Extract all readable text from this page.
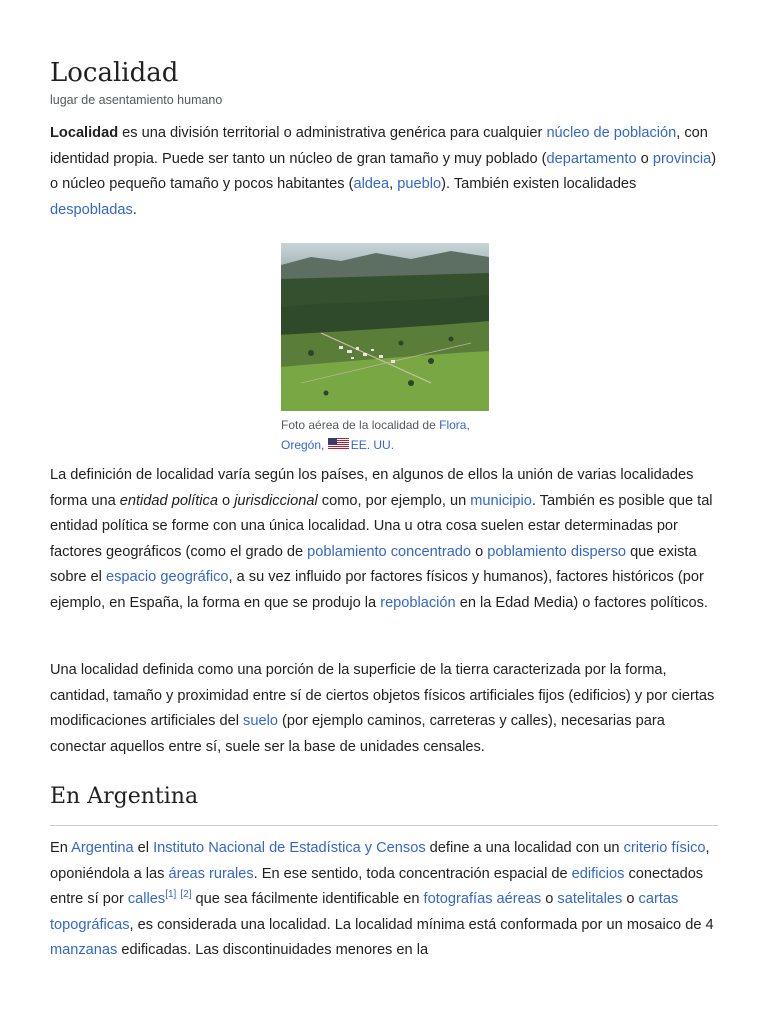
Localidad
lugar de asentamiento humano

Localidad es una división territorial o administrativa genérica para cualquier núcleo de población, con identidad propia. Puede ser tanto un núcleo de gran tamaño y muy poblado (departamento o provincia) o núcleo pequeño tamaño y pocos habitantes (aldea, pueblo). También existen localidades despobladas.

Foto aérea de la localidad de Flora,
Oregón, EE. UU.

La definición de localidad varía según los países, en algunos de ellos la unión de varias localidades forma una entidad política o jurisdiccional como, por ejemplo, un municipio. También es posible que tal entidad política se forme con una única localidad. Una u otra cosa suelen estar determinadas por factores geográficos (como el grado de poblamiento concentrado o poblamiento disperso que exista sobre el espacio geográfico, a su vez influido por factores físicos y humanos), factores históricos (por ejemplo, en España, la forma en que se produjo la repoblación en la Edad Media) o factores políticos.

Una localidad definida como una porción de la superficie de la tierra caracterizada por la forma, cantidad, tamaño y proximidad entre sí de ciertos objetos físicos artificiales fijos (edificios) y por ciertas modificaciones artificiales del suelo (por ejemplo caminos, carreteras y calles), necesarias para conectar aquellos entre sí, suele ser la base de unidades censales.

En Argentina

En Argentina el Instituto Nacional de Estadística y Censos define a una localidad con un criterio físico, oponiéndola a las áreas rurales. En ese sentido, toda concentración espacial de edificios conectados entre sí por calles[1] [2] que sea fácilmente identificable en fotografías aéreas o satelitales o cartas topográficas, es considerada una localidad. La localidad mínima está conformada por un mosaico de 4 manzanas edificadas. Las discontinuidades menores en la
